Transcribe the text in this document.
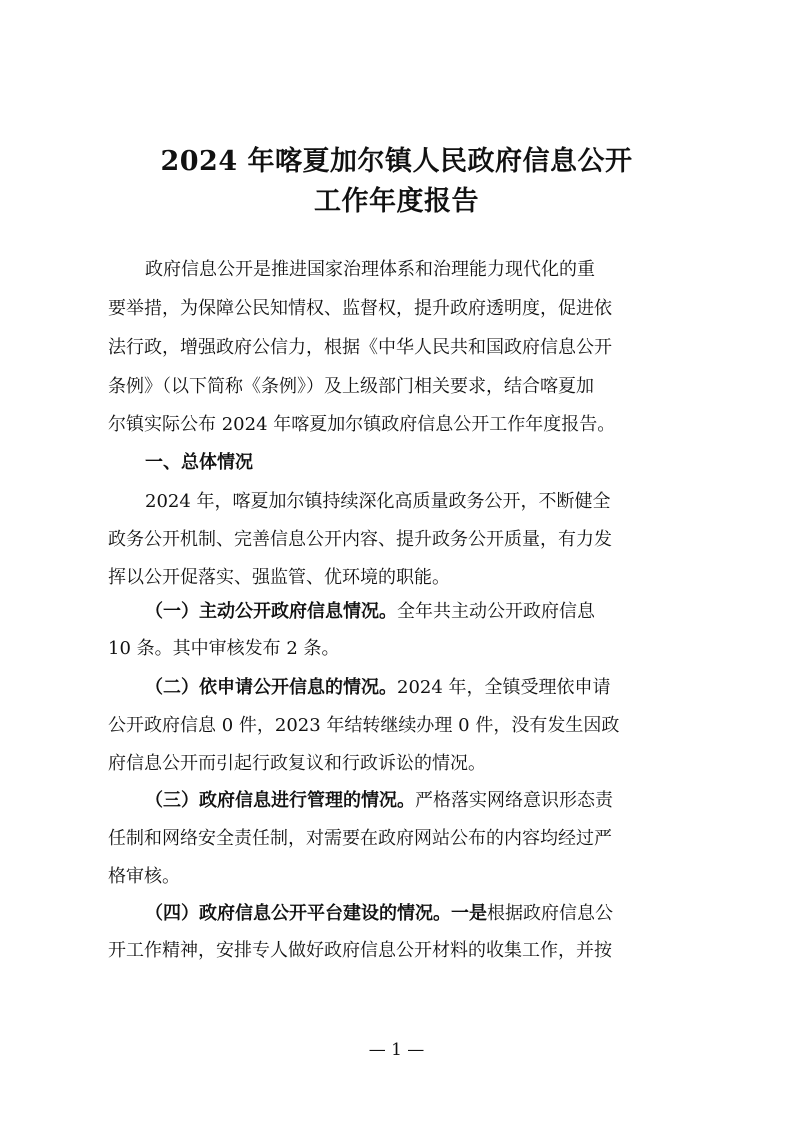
2024 年喀夏加尔镇人民政府信息公开
工作年度报告
政府信息公开是推进国家治理体系和治理能力现代化的重
要举措，为保障公民知情权、监督权，提升政府透明度，促进依
法行政，增强政府公信力，根据《中华人民共和国政府信息公开
条例》（以下简称《条例》）及上级部门相关要求，结合喀夏加
尔镇实际公布 2024 年喀夏加尔镇政府信息公开工作年度报告。
一、总体情况
2024 年，喀夏加尔镇持续深化高质量政务公开，不断健全
政务公开机制、完善信息公开内容、提升政务公开质量，有力发
挥以公开促落实、强监管、优环境的职能。
（一）主动公开政府信息情况。全年共主动公开政府信息
10 条。其中审核发布 2 条。
（二）依申请公开信息的情况。2024 年，全镇受理依申请
公开政府信息 0 件，2023 年结转继续办理 0 件，没有发生因政
府信息公开而引起行政复议和行政诉讼的情况。
（三）政府信息进行管理的情况。严格落实网络意识形态责
任制和网络安全责任制，对需要在政府网站公布的内容均经过严
格审核。
（四）政府信息公开平台建设的情况。一是根据政府信息公
开工作精神，安排专人做好政府信息公开材料的收集工作，并按
— 1 —
